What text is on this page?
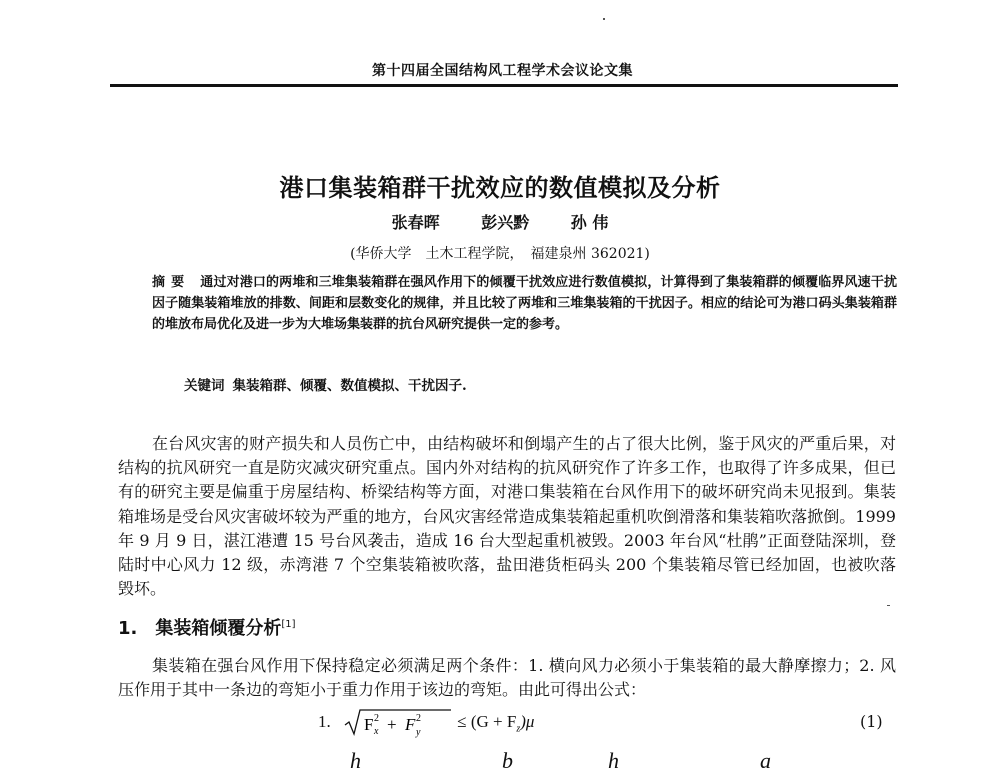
第十四届全国结构风工程学术会议论文集
港口集装箱群干扰效应的数值模拟及分析
张春晖	彭兴黔	孙 伟
(华侨大学　土木工程学院，　福建泉州 362021)
摘要 通过对港口的两堆和三堆集装箱群在强风作用下的倾覆干扰效应进行数值模拟，计算得到了集装箱群的倾覆临界风速干扰因子随集装箱堆放的排数、间距和层数变化的规律，并且比较了两堆和三堆集装箱的干扰因子。相应的结论可为港口码头集装箱群的堆放布局优化及进一步为大堆场集装群的抗台风研究提供一定的参考。
关键词 集装箱群、倾覆、数值模拟、干扰因子.

在台风灾害的财产损失和人员伤亡中，由结构破坏和倒塌产生的占了很大比例，鉴于风灾的严重后果，对结构的抗风研究一直是防灾减灾研究重点。国内外对结构的抗风研究作了许多工作，也取得了许多成果，但已有的研究主要是偏重于房屋结构、桥梁结构等方面，对港口集装箱在台风作用下的破坏研究尚未见报到。集装箱堆场是受台风灾害破坏较为严重的地方，台风灾害经常造成集装箱起重机吹倒滑落和集装箱吹落掀倒。1999 年 9 月 9 日，湛江港遭 15 号台风袭击，造成 16 台大型起重机被毁。2003 年台风“杜鹃”正面登陆深圳，登陆时中心风力 12 级，赤湾港 7 个空集装箱被吹落，盐田港货柜码头 200 个集装箱尽管已经加固，也被吹落毁坏。

1. 集装箱倾覆分析[1]

集装箱在强台风作用下保持稳定必须满足两个条件：1. 横向风力必须小于集装箱的最大静摩擦力；2. 风压作用于其中一条边的弯矩小于重力作用于该边的弯矩。由此可得出公式：

1. F x
2 + F y
$2 \le (G + F_z)\mu$	(1)
h	b	h	a
